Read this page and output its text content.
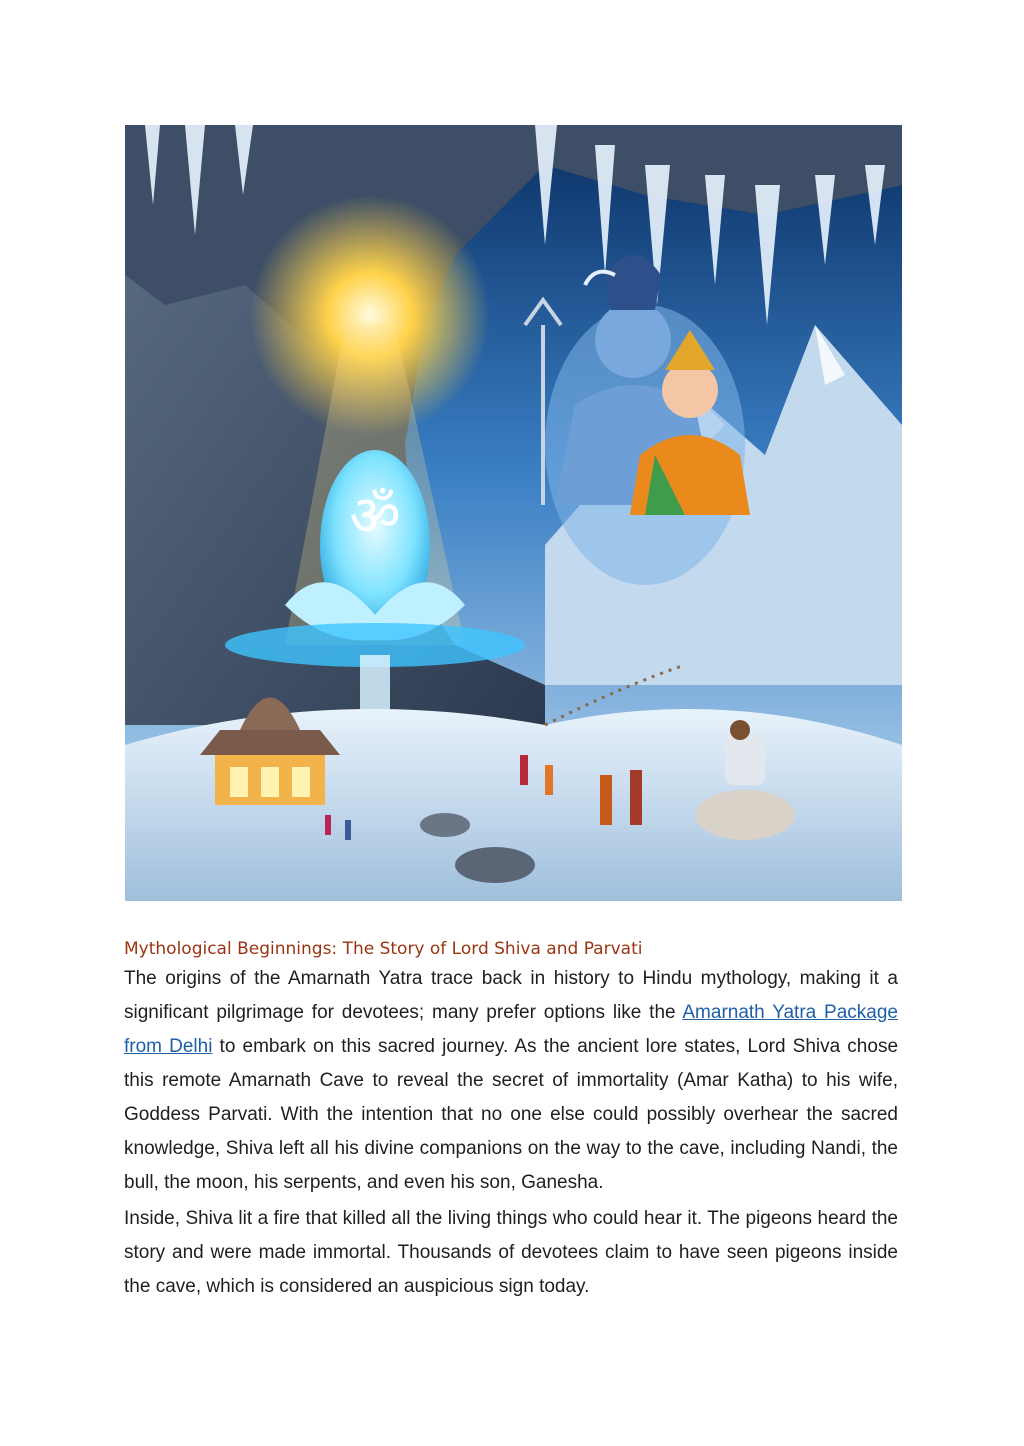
ॐ
Mythological Beginnings: The Story of Lord Shiva and Parvati

The origins of the Amarnath Yatra trace back in history to Hindu mythology, making it a significant pilgrimage for devotees; many prefer options like the Amarnath Yatra Package from Delhi to embark on this sacred journey. As the ancient lore states, Lord Shiva chose this remote Amarnath Cave to reveal the secret of immortality (Amar Katha) to his wife, Goddess Parvati. With the intention that no one else could possibly overhear the sacred knowledge, Shiva left all his divine companions on the way to the cave, including Nandi, the bull, the moon, his serpents, and even his son, Ganesha.

Inside, Shiva lit a fire that killed all the living things who could hear it. The pigeons heard the story and were made immortal. Thousands of devotees claim to have seen pigeons inside the cave, which is considered an auspicious sign today.
